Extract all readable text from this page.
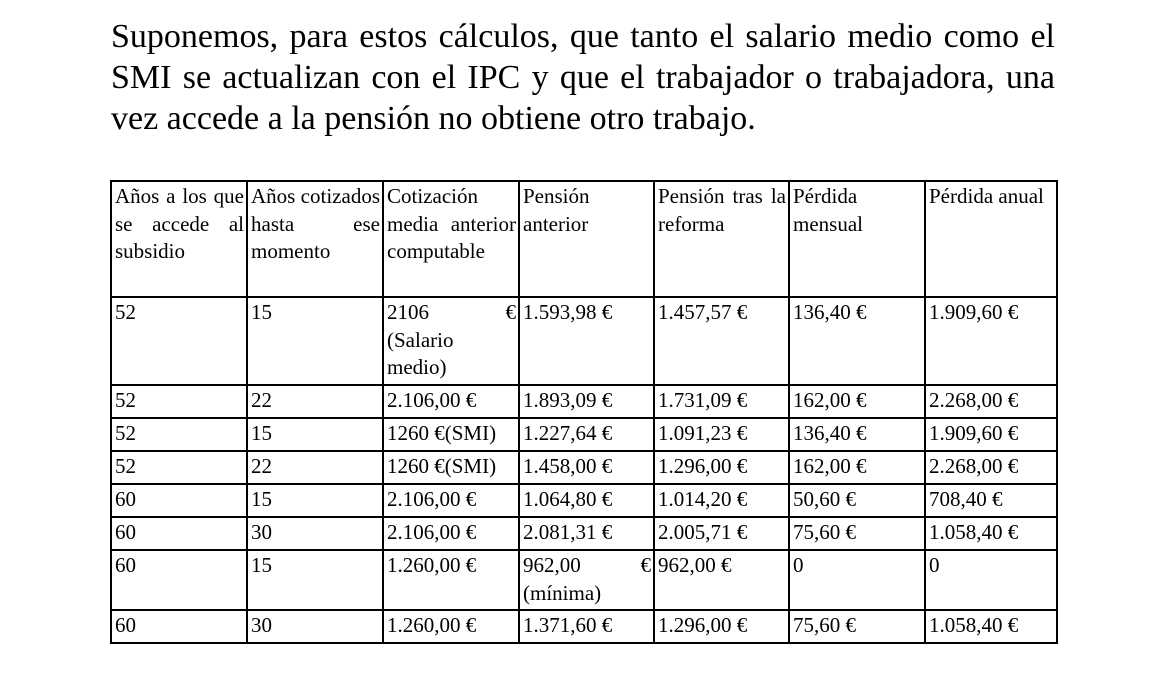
Suponemos, para estos cálculos, que tanto el salario medio como el SMI se actualizan con el IPC y que el trabajador o trabajadora, una vez accede a la pensión no obtiene otro trabajo.

Años a los que se accede al subsidio	Años cotizados hasta ese momento	Cotización media anterior computable	Pensión anterior	Pensión tras la reforma	Pérdida mensual	Pérdida anual
52	15	2106 € (Salario medio)	1.593,98 €	1.457,57 €	136,40 €	1.909,60 €
52	22	2.106,00 €	1.893,09 €	1.731,09 €	162,00 €	2.268,00 €
52	15	1260 €(SMI)	1.227,64 €	1.091,23 €	136,40 €	1.909,60 €
52	22	1260 €(SMI)	1.458,00 €	1.296,00 €	162,00 €	2.268,00 €
60	15	2.106,00 €	1.064,80 €	1.014,20 €	50,60 €	708,40 €
60	30	2.106,00 €	2.081,31 €	2.005,71 €	75,60 €	1.058,40 €
60	15	1.260,00 €	962,00 € (mínima)	962,00 €	0	0
60	30	1.260,00 €	1.371,60 €	1.296,00 €	75,60 €	1.058,40 €
